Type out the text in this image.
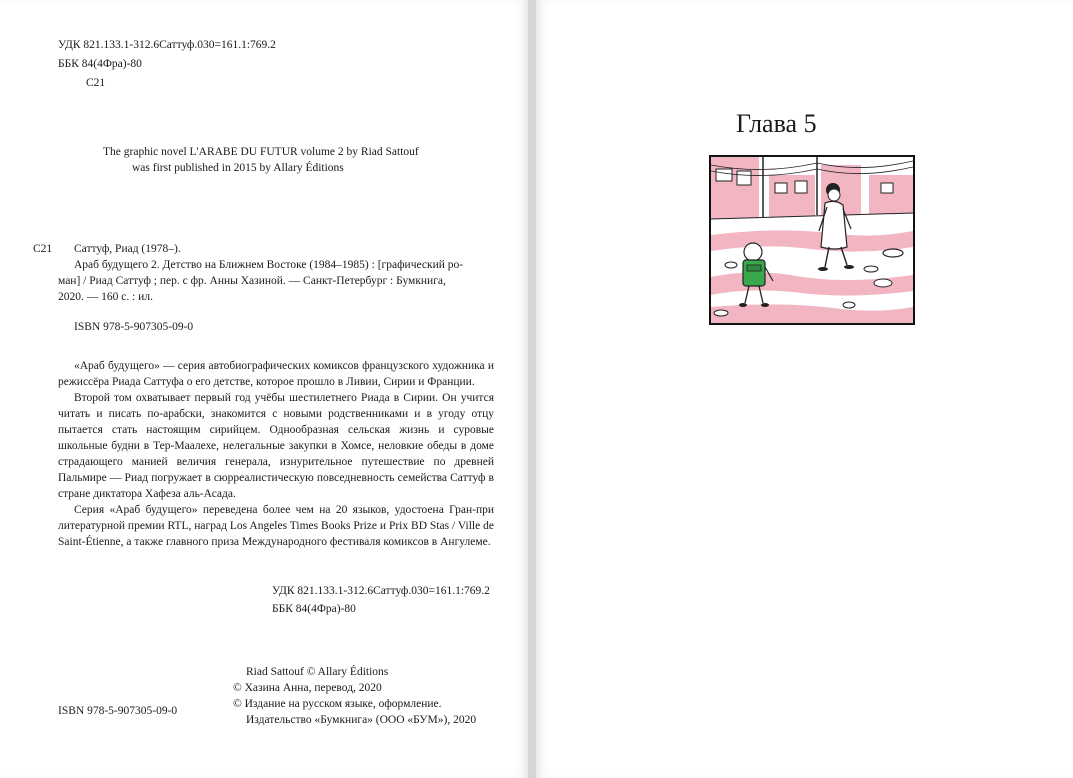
УДК 821.133.1-312.6Саттуф.030=161.1:769.2
ББК 84(4Фра)-80
С21
The graphic novel L'ARABE DU FUTUR volume 2 by Riad Sattouf
was first published in 2015 by Allary Éditions
С21 Саттуф, Риад (1978–).
Араб будущего 2. Детство на Ближнем Востоке (1984–1985) : [графический ро-
ман] / Риад Саттуф ; пер. с фр. Анны Хазиной. — Санкт-Петербург : Бумкнига,
2020. — 160 с. : ил.
ISBN 978-5-907305-09-0

«Араб будущего» — серия автобиографических комиксов французского художника и режиссёра Риада Саттуфа о его детстве, которое прошло в Ливии, Сирии и Франции.

Второй том охватывает первый год учёбы шестилетнего Риада в Сирии. Он учится читать и писать по-арабски, знакомится с новыми родственниками и в угоду отцу пытается стать настоящим сирийцем. Однообразная сельская жизнь и суровые школьные будни в Тер-Маалехе, нелегальные закупки в Хомсе, неловкие обеды в доме страдающего манией величия генерала, изнурительное путешествие по древней Пальмире — Риад погружает в сюрреалистическую повседневность семейства Саттуф в стране диктатора Хафеза аль-Асада.

Серия «Араб будущего» переведена более чем на 20 языков, удостоена Гран-при литературной премии RTL, наград Los Angeles Times Books Prize и Prix BD Stas / Ville de Saint-Étienne, а также главного приза Международного фестиваля комиксов в Ангулеме.

УДК 821.133.1-312.6Саттуф.030=161.1:769.2
ББК 84(4Фра)-80
Riad Sattouf © Allary Éditions
© Хазина Анна, перевод, 2020
© Издание на русском языке, оформление.
Издательство «Бумкнига» (ООО «БУМ»), 2020
ISBN 978-5-907305-09-0
Глава 5
